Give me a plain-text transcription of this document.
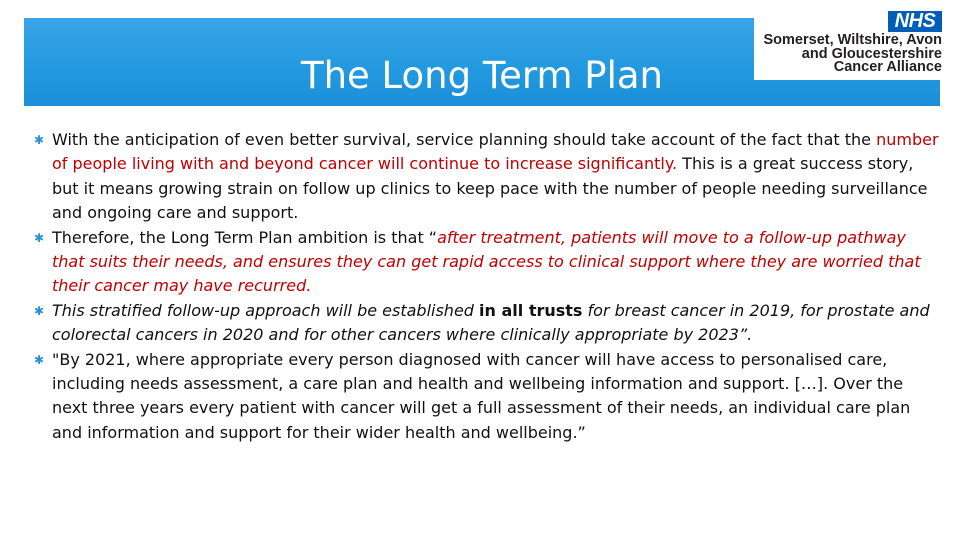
The Long Term Plan
NHS
Somerset, Wiltshire, Avon
and Gloucestershire
Cancer Alliance

✱ With the anticipation of even better survival, service planning should take account of the fact that the number of people living with and beyond cancer will continue to increase significantly. This is a great success story, but it means growing strain on follow up clinics to keep pace with the number of people needing surveillance and ongoing care and support.

✱ Therefore, the Long Term Plan ambition is that “after treatment, patients will move to a follow-up pathway that suits their needs, and ensures they can get rapid access to clinical support where they are worried that their cancer may have recurred.

✱ This stratified follow-up approach will be established in all trusts for breast cancer in 2019, for prostate and colorectal cancers in 2020 and for other cancers where clinically appropriate by 2023”.

✱ "By 2021, where appropriate every person diagnosed with cancer will have access to personalised care, including needs assessment, a care plan and health and wellbeing information and support. […]. Over the next three years every patient with cancer will get a full assessment of their needs, an individual care plan and information and support for their wider health and wellbeing.”
